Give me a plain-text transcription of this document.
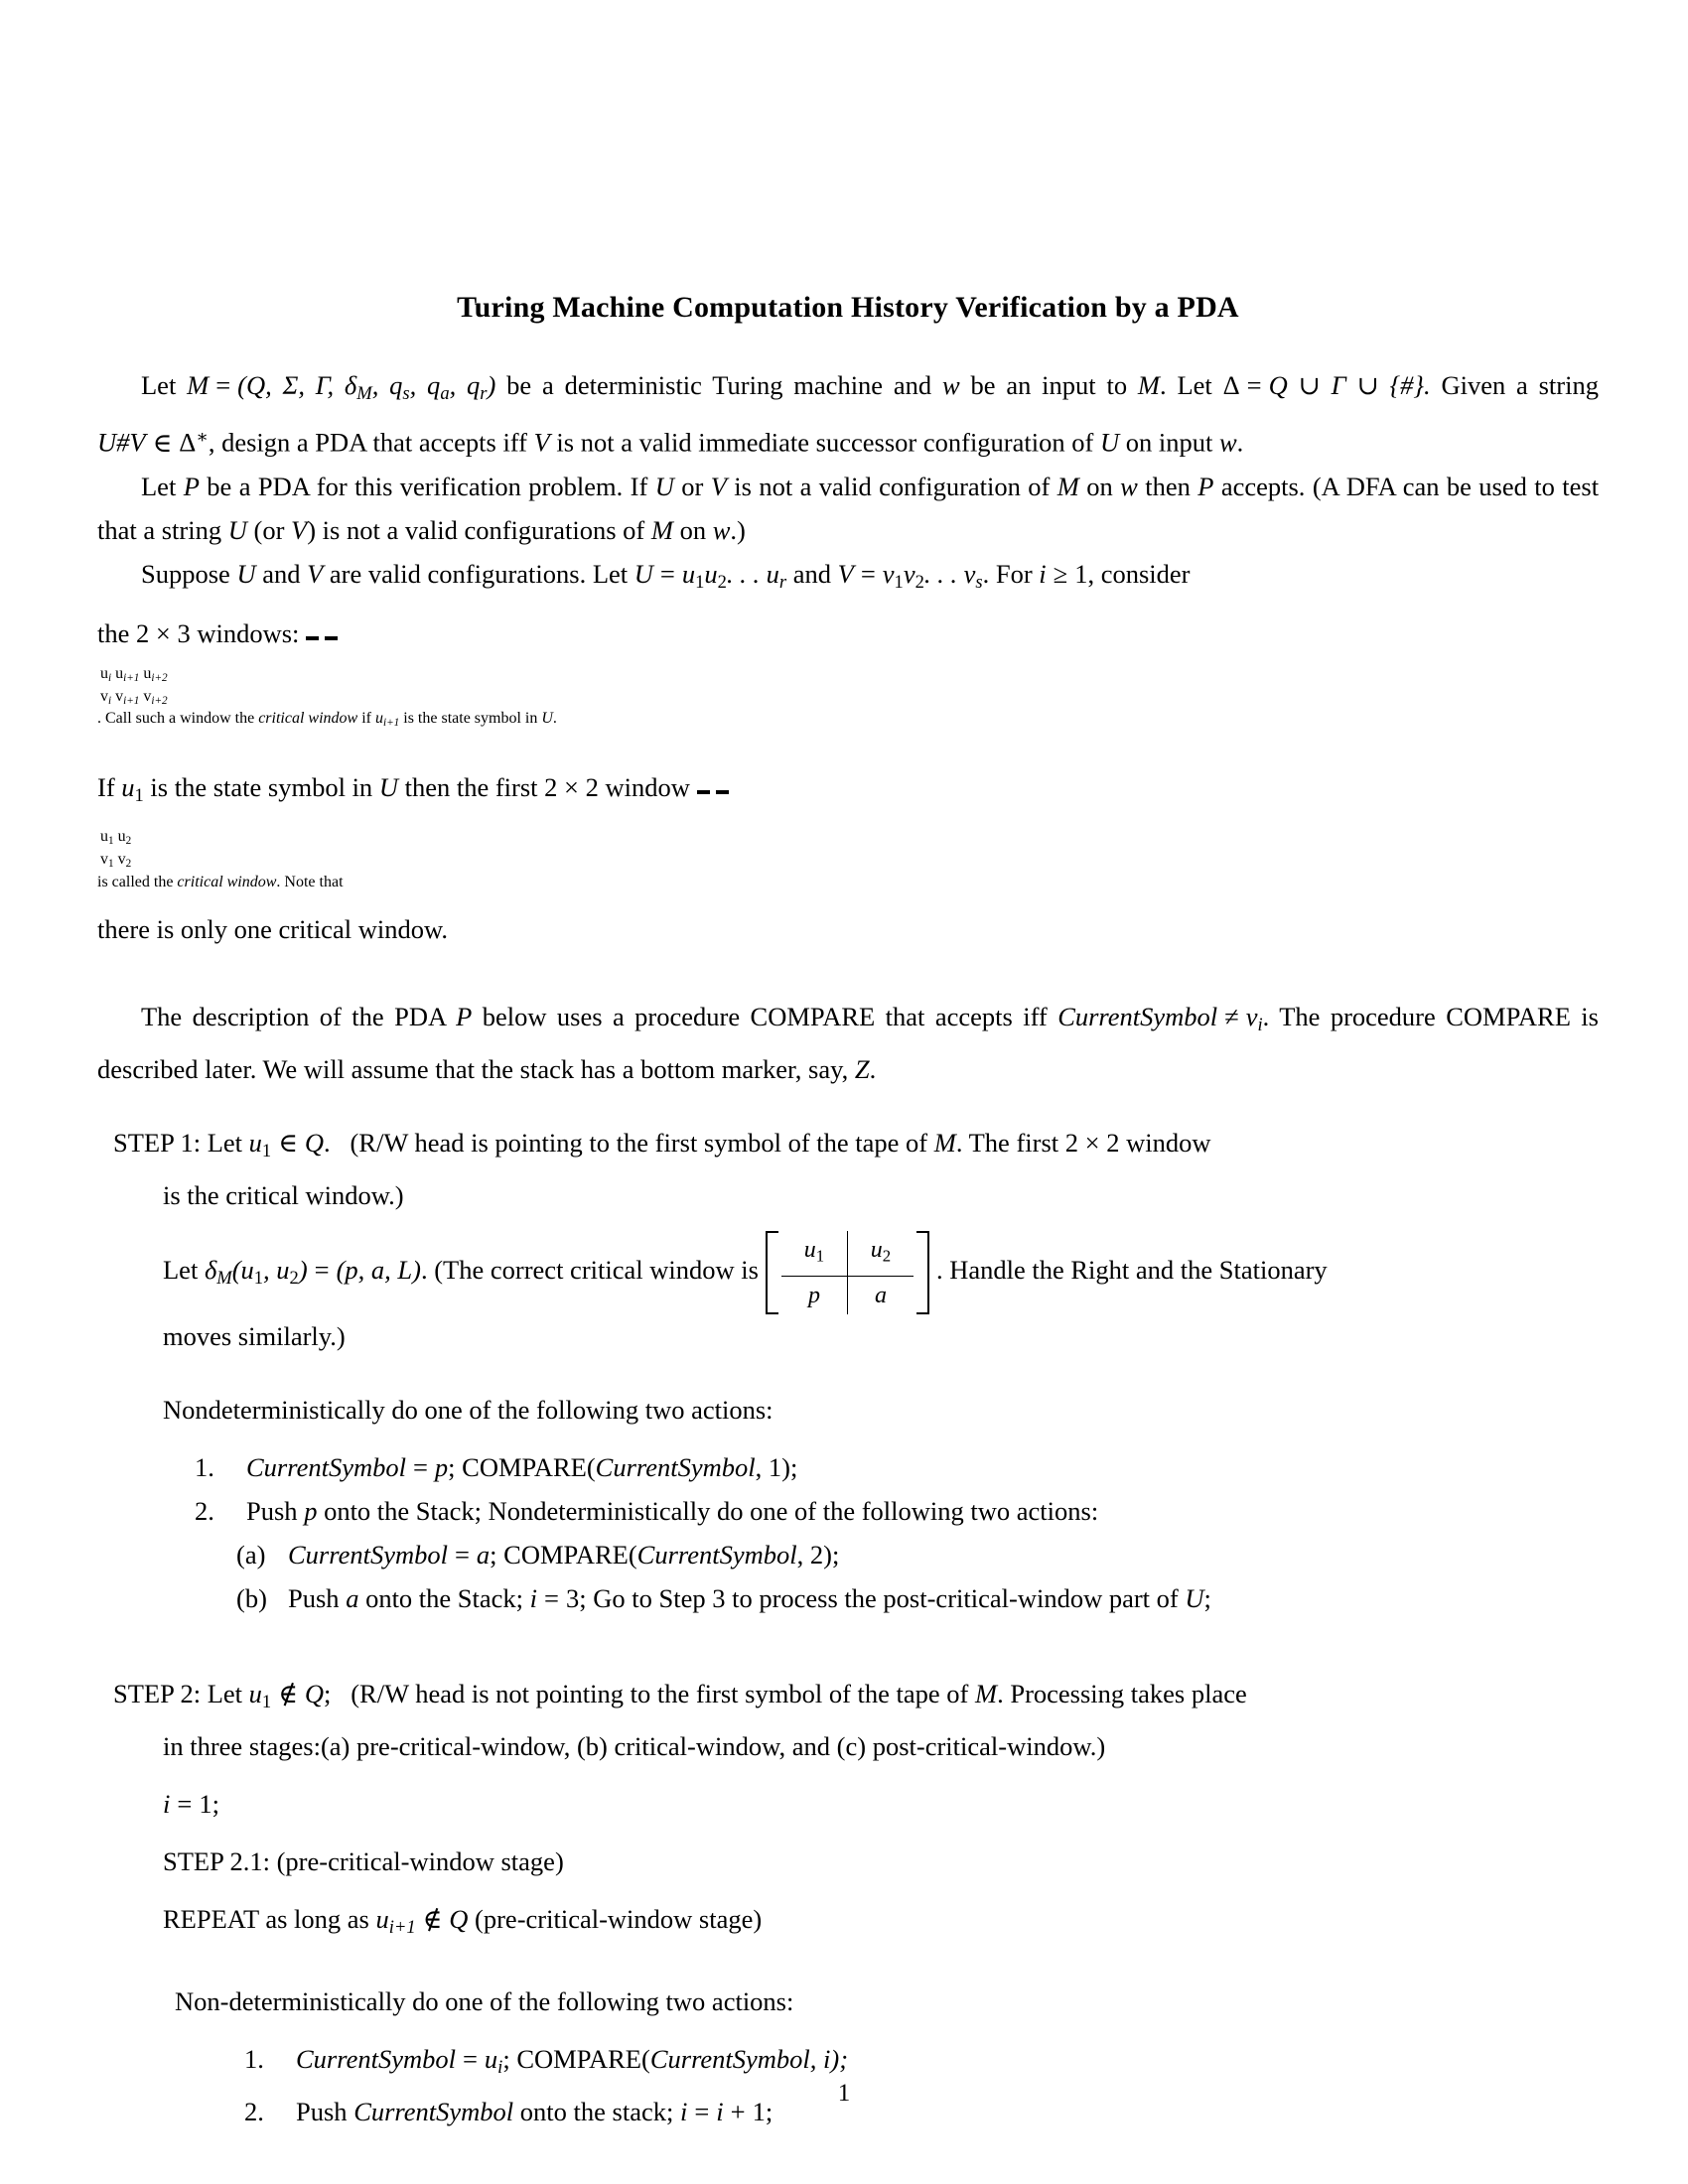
Turing Machine Computation History Verification by a PDA

Let M = (Q, Σ, Γ, $\delta_M$, $q_s$, $q_a$, $q_r$) be a deterministic Turing machine and w be an input to M. Let Δ = Q ∪ Γ ∪ {#}. Given a string U#V ∈ Δ∗, design a PDA that accepts iff V is not a valid immediate successor configuration of U on input w.

Let P be a PDA for this verification problem. If U or V is not a valid configuration of M on w then P accepts. (A DFA can be used to test that a string U (or V) is not a valid configurations of M on w.)

Suppose U and V are valid configurations. Let U = u1u2. . . $u_r$ and V = v1v2. . . $v_s$. For i ≥ 1, consider

the 2 × 3 windows:

$u_i$	$u_{i+1}$	$u_{i+2}$
$v_i$	$v_{i+1}$	$v_{i+2}$
. Call such a window the critical window if $u_{i+1}$ is the state symbol in U.

If u1 is the state symbol in U then the first 2 × 2 window

u1	u2
v1	v2
is called the critical window. Note that

there is only one critical window.

The description of the PDA P below uses a procedure COMPARE that accepts iff CurrentSymbol ≠ $v_i$. The procedure COMPARE is described later. We will assume that the stack has a bottom marker, say, Z.

STEP 1: Let u1 ∈ Q. (R/W head is pointing to the first symbol of the tape of M. The first 2 × 2 window
is the critical window.)
Let $\delta_M(u1$, u2) = (p, a, L). (The correct critical window is
u1	u2
p	a
. Handle the Right and the Stationary
moves similarly.)
Nondeterministically do one of the following two actions:
1. CurrentSymbol = p; COMPARE(CurrentSymbol, 1);
2. Push p onto the Stack; Nondeterministically do one of the following two actions:
(a) CurrentSymbol = a; COMPARE(CurrentSymbol, 2);
(b) Push a onto the Stack; i = 3; Go to Step 3 to process the post-critical-window part of U;
STEP 2: Let u1 ∉ Q; (R/W head is not pointing to the first symbol of the tape of M. Processing takes place
in three stages:(a) pre-critical-window, (b) critical-window, and (c) post-critical-window.)
i = 1;
STEP 2.1: (pre-critical-window stage)
REPEAT as long as $u_{i+1}$ ∉ Q (pre-critical-window stage)
Non-deterministically do one of the following two actions:
1. CurrentSymbol = $u_i$; COMPARE(CurrentSymbol, i);
2. Push CurrentSymbol onto the stack; i = i + 1;
1
